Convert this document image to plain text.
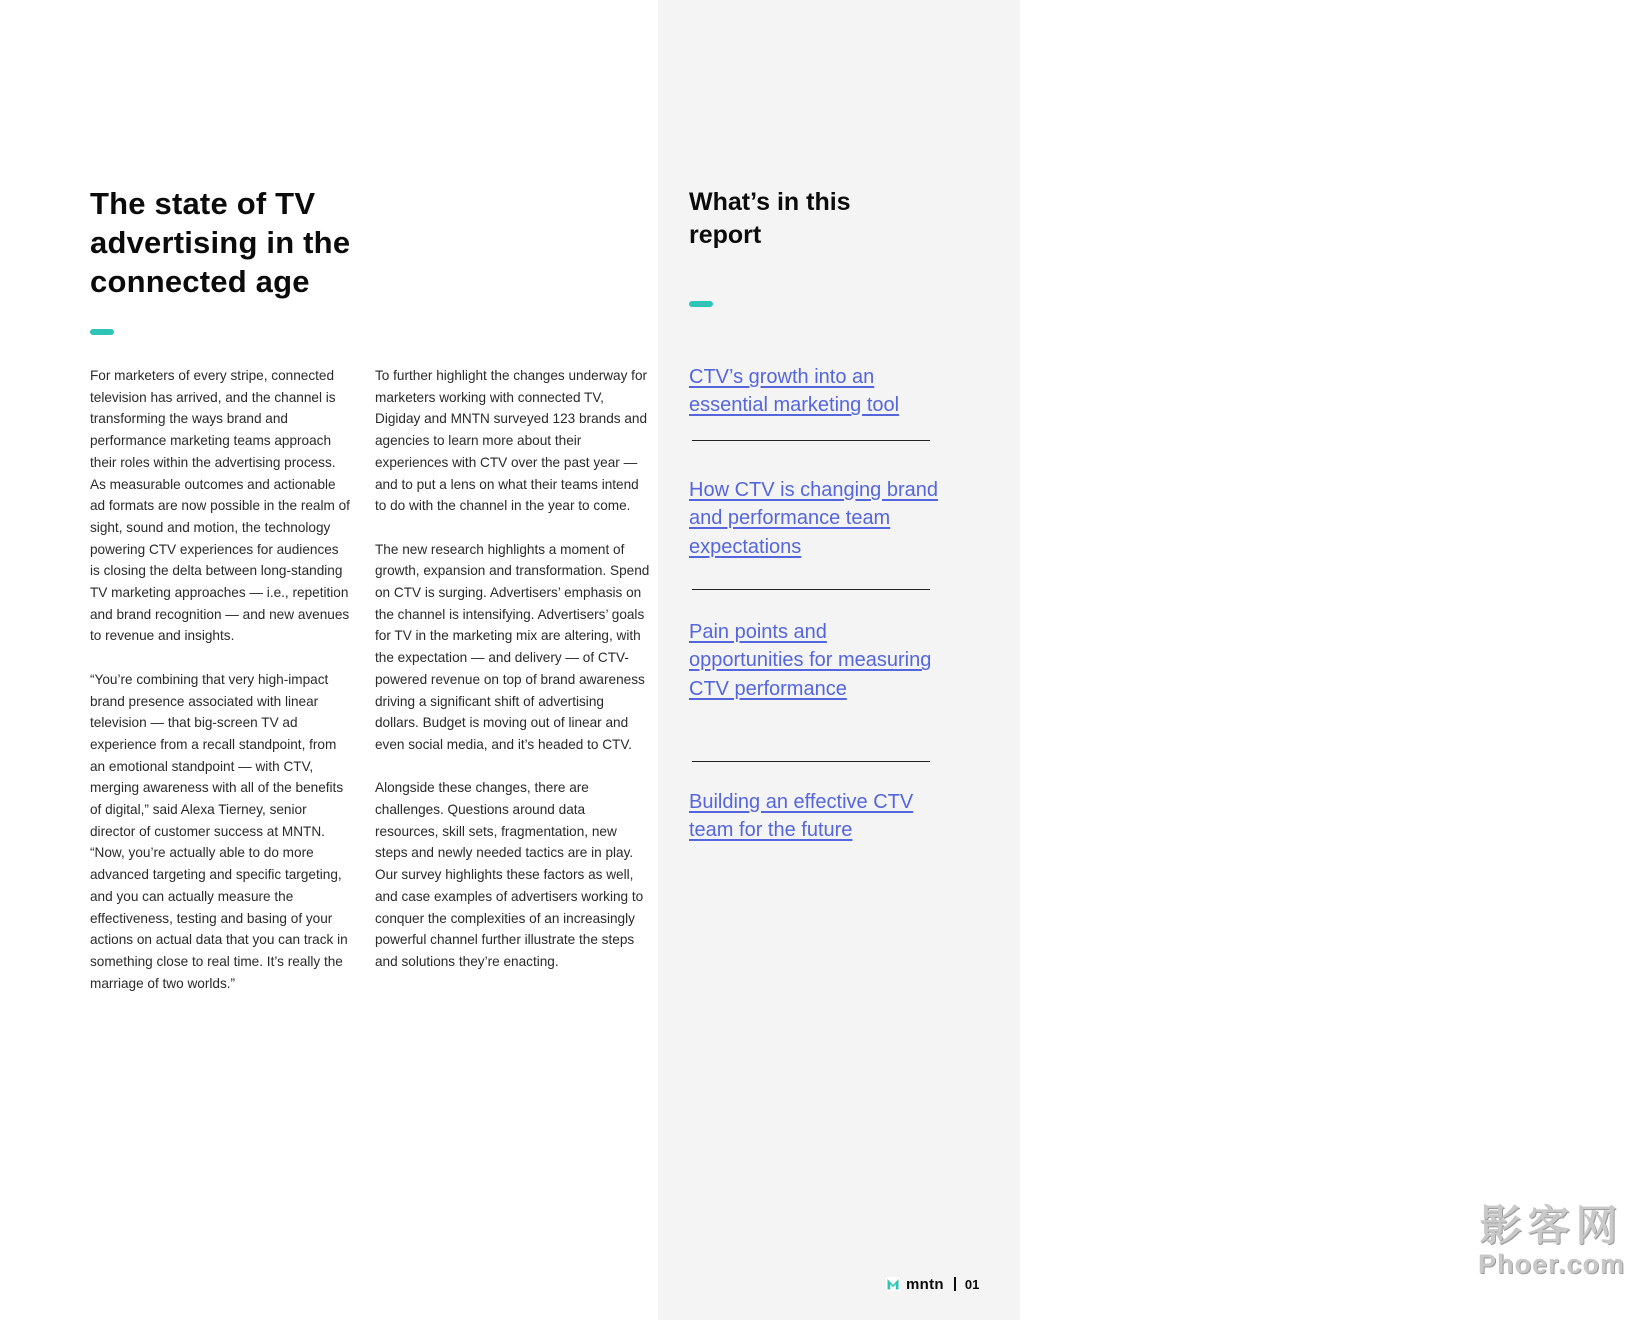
The state of TV advertising in the connected age

For marketers of every stripe, connected television has arrived, and the channel is transforming the ways brand and performance marketing teams approach their roles within the advertising process. As measurable outcomes and actionable ad formats are now possible in the realm of sight, sound and motion, the technology powering CTV experiences for audiences is closing the delta between long-standing TV marketing approaches — i.e., repetition and brand recognition — and new avenues to revenue and insights.

“You’re combining that very high-impact brand presence associated with linear television — that big-screen TV ad experience from a recall standpoint, from an emotional standpoint — with CTV, merging awareness with all of the benefits of digital,” said Alexa Tierney, senior director of customer success at MNTN. “Now, you’re actually able to do more advanced targeting and specific targeting, and you can actually measure the effectiveness, testing and basing of your actions on actual data that you can track in something close to real time. It’s really the marriage of two worlds.”

To further highlight the changes underway for marketers working with connected TV, Digiday and MNTN surveyed 123 brands and agencies to learn more about their experiences with CTV over the past year — and to put a lens on what their teams intend to do with the channel in the year to come.

The new research highlights a moment of growth, expansion and transformation. Spend on CTV is surging. Advertisers’ emphasis on the channel is intensifying. Advertisers’ goals for TV in the marketing mix are altering, with the expectation — and delivery — of CTV-powered revenue on top of brand awareness driving a significant shift of advertising dollars. Budget is moving out of linear and even social media, and it’s headed to CTV.

Alongside these changes, there are challenges. Questions around data resources, skill sets, fragmentation, new steps and newly needed tactics are in play. Our survey highlights these factors as well, and case examples of advertisers working to conquer the complexities of an increasingly powerful channel further illustrate the steps and solutions they’re enacting.

影客网
Phoer.com
What’s in this report
CTV’s growth into an essential marketing tool
How CTV is changing brand and performance team expectations
Pain points and opportunities for measuring CTV performance
Building an effective CTV team for the future
mntn 01
